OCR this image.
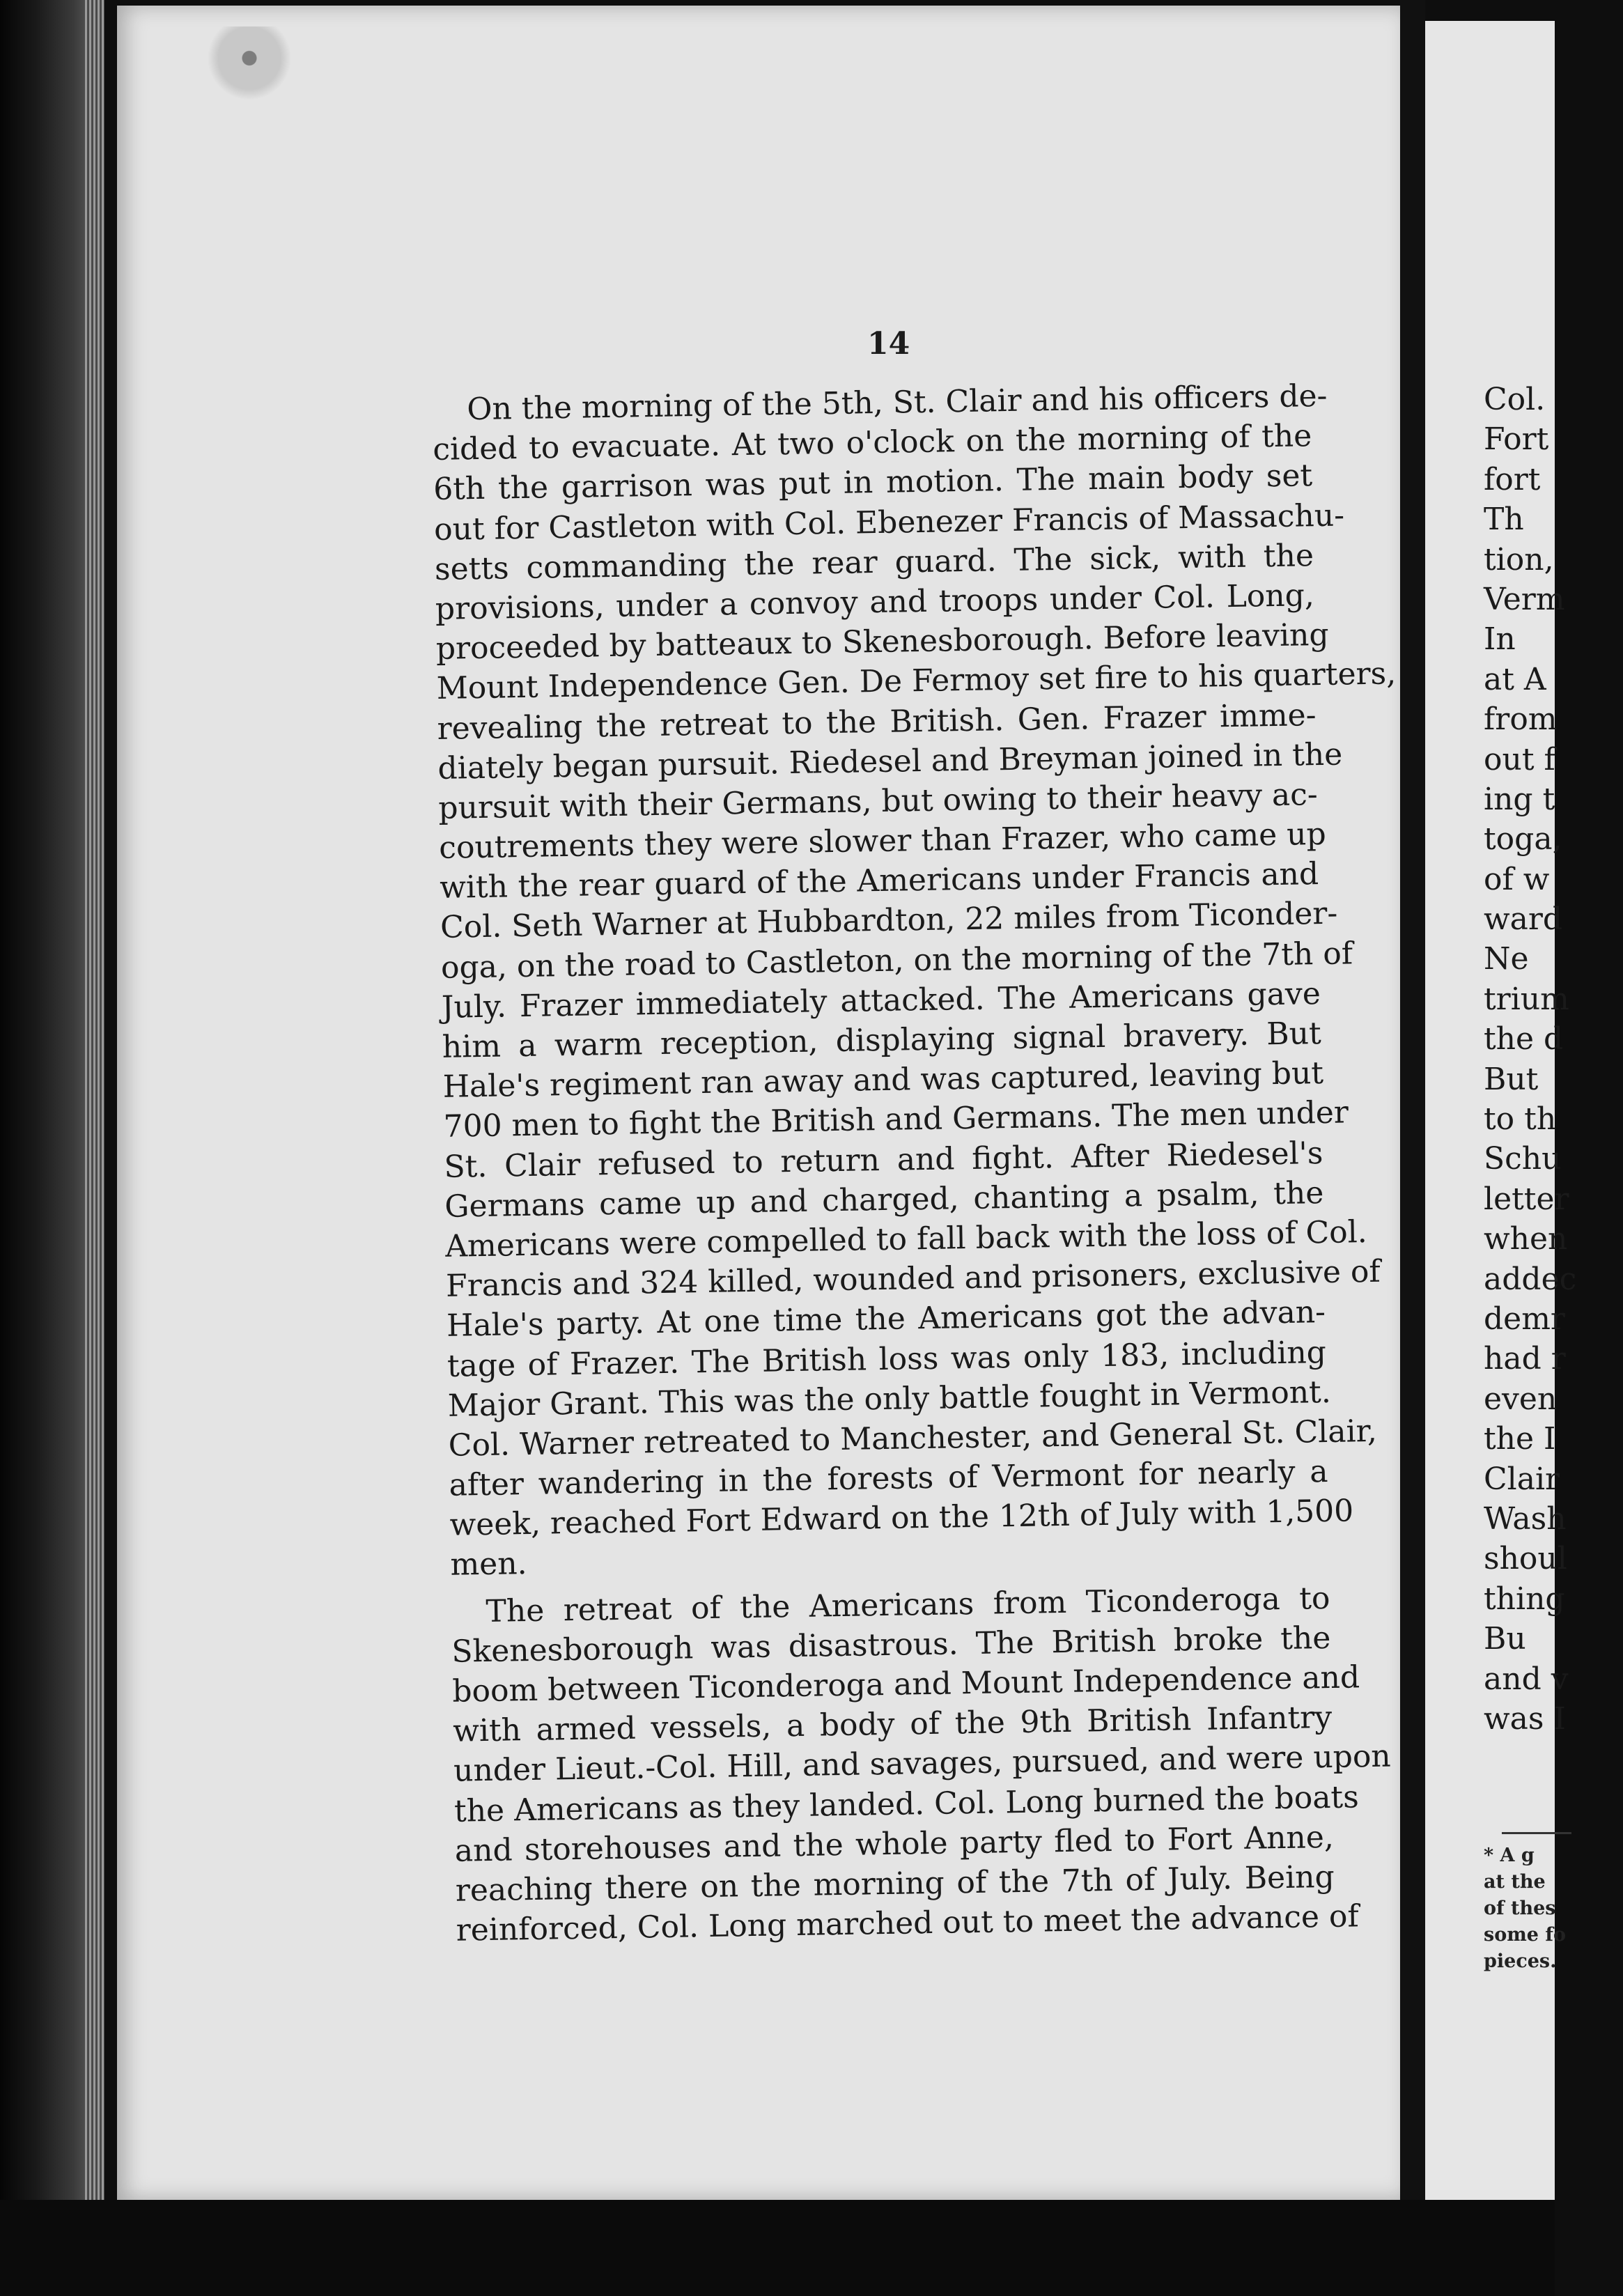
14
On the morning of the 5th, St. Clair and his officers de-
cided to evacuate. At two o'clock on the morning of the
6th the garrison was put in motion. The main body set
out for Castleton with Col. Ebenezer Francis of Massachu-
setts commanding the rear guard. The sick, with the
provisions, under a convoy and troops under Col. Long,
proceeded by batteaux to Skenesborough. Before leaving
Mount Independence Gen. De Fermoy set fire to his quarters,
revealing the retreat to the British. Gen. Frazer imme-
diately began pursuit. Riedesel and Breyman joined in the
pursuit with their Germans, but owing to their heavy ac-
coutrements they were slower than Frazer, who came up
with the rear guard of the Americans under Francis and
Col. Seth Warner at Hubbardton, 22 miles from Ticonder-
oga, on the road to Castleton, on the morning of the 7th of
July. Frazer immediately attacked. The Americans gave
him a warm reception, displaying signal bravery. But
Hale's regiment ran away and was captured, leaving but
700 men to fight the British and Germans. The men under
St. Clair refused to return and fight. After Riedesel's
Germans came up and charged, chanting a psalm, the
Americans were compelled to fall back with the loss of Col.
Francis and 324 killed, wounded and prisoners, exclusive of
Hale's party. At one time the Americans got the advan-
tage of Frazer. The British loss was only 183, including
Major Grant. This was the only battle fought in Vermont.
Col. Warner retreated to Manchester, and General St. Clair,
after wandering in the forests of Vermont for nearly a
week, reached Fort Edward on the 12th of July with 1,500
men.
The retreat of the Americans from Ticonderoga to
Skenesborough was disastrous. The British broke the
boom between Ticonderoga and Mount Independence and
with armed vessels, a body of the 9th British Infantry
under Lieut.-Col. Hill, and savages, pursued, and were upon
the Americans as they landed. Col. Long burned the boats
and storehouses and the whole party fled to Fort Anne,
reaching there on the morning of the 7th of July. Being
reinforced, Col. Long marched out to meet the advance of
Col.
Fort
fort
Th
tion,
Verm
In
at A
from
out f
ing t
toga,
of w
ward
Ne
trium
the d
But
to th
Schu
letter
when
addec
demr
had r
even
the I
Clair
Wash
shoul
thing
Bu
and v
was I
* A g
at the
of thes
some fo
pieces.
